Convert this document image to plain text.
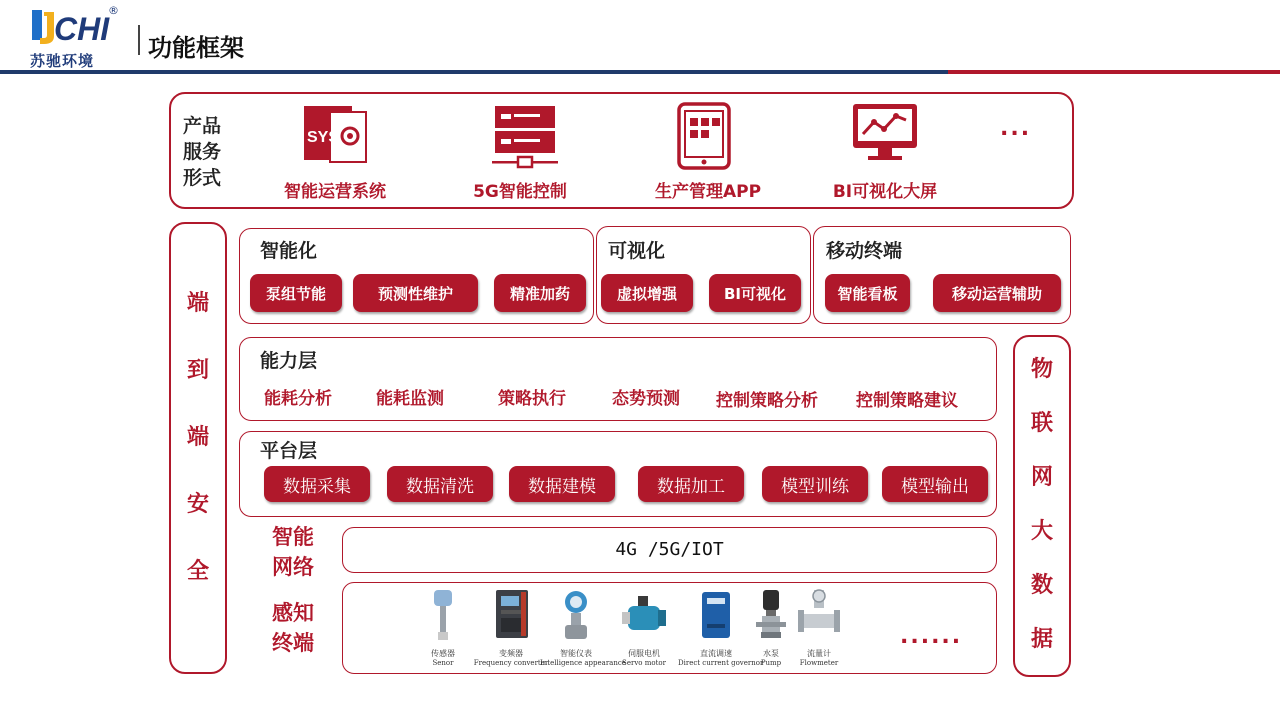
CHI
®
苏驰环境 功能框架
产品
服务
形式
SYS
智能运营系统	5G智能控制	生产管理APP	BI可视化大屏
...
端
到
端
安
全
物
联
网
大
数
据
智能化
泵组节能	预测性维护	精准加药
可视化
虚拟增强	BI可视化
移动终端
智能看板	移动运营辅助
能力层
能耗分析	能耗监测	策略执行	态势预测 控制策略分析 控制策略建议
平台层
数据采集	数据清洗	数据建模	数据加工	模型训练	模型输出
智能
网络
4G /5G/IOT
感知
终端	传感器
Senor
变频器
Frequency converter
智能仪表
Intelligence appearance
伺服电机
Servo motor
直流调速
Direct current governor
水泵
Pump
流量计
Flowmeter
......
